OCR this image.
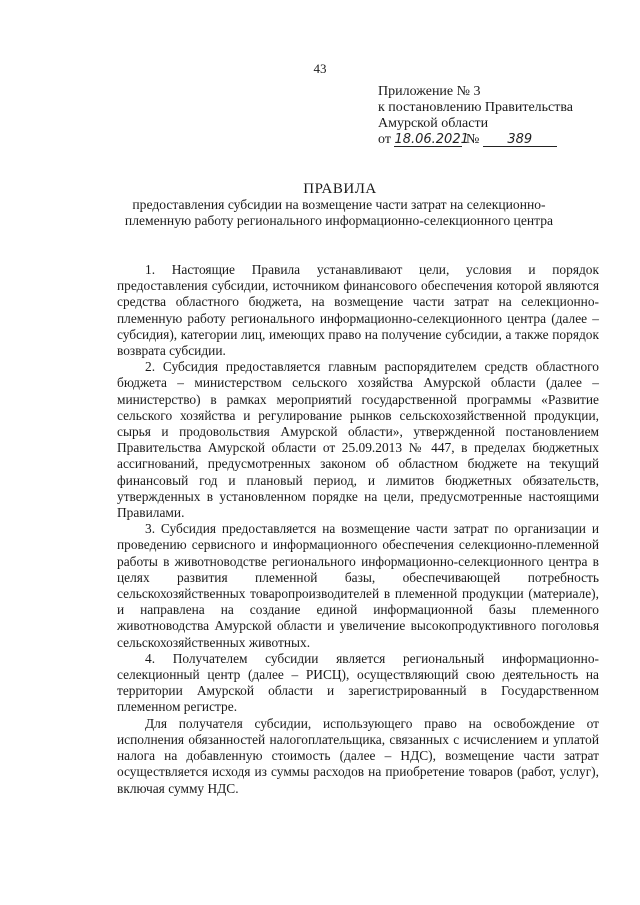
43
Приложение № 3
к постановлению Правительства
Амурской области
от 18.06.2021 № 389
ПРАВИЛА
предоставления субсидии на возмещение части затрат на селекционно-племенную работу регионального информационно-селекционного центра

1. Настоящие Правила устанавливают цели, условия и порядок предоставления субсидии, источником финансового обеспечения которой являются средства областного бюджета, на возмещение части затрат на селекционно-племенную работу регионального информационно-селекционного центра (далее – субсидия), категории лиц, имеющих право на получение субсидии, а также порядок возврата субсидии.

2. Субсидия предоставляется главным распорядителем средств областного бюджета – министерством сельского хозяйства Амурской области (далее – министерство) в рамках мероприятий государственной программы «Развитие сельского хозяйства и регулирование рынков сельскохозяйственной продукции, сырья и продовольствия Амурской области», утвержденной постановлением Правительства Амурской области от 25.09.2013 № 447, в пределах бюджетных ассигнований, предусмотренных законом об областном бюджете на текущий финансовый год и плановый период, и лимитов бюджетных обязательств, утвержденных в установленном порядке на цели, предусмотренные настоящими Правилами.

3. Субсидия предоставляется на возмещение части затрат по организации и проведению сервисного и информационного обеспечения селекционно-племенной работы в животноводстве регионального информационно-селекционного центра в целях развития племенной базы, обеспечивающей потребность сельскохозяйственных товаропроизводителей в племенной продукции (материале), и направлена на создание единой информационной базы племенного животноводства Амурской области и увеличение высокопродуктивного поголовья сельскохозяйственных животных.

4. Получателем субсидии является региональный информационно-селекционный центр (далее – РИСЦ), осуществляющий свою деятельность на территории Амурской области и зарегистрированный в Государственном племенном регистре.

Для получателя субсидии, использующего право на освобождение от исполнения обязанностей налогоплательщика, связанных с исчислением и уплатой налога на добавленную стоимость (далее – НДС), возмещение части затрат осуществляется исходя из суммы расходов на приобретение товаров (работ, услуг), включая сумму НДС.
